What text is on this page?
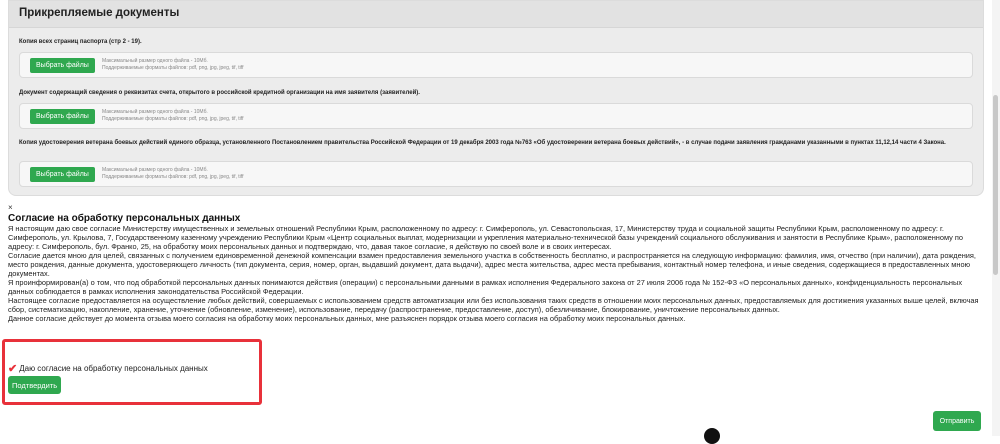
Прикрепляемые документы
Копия всех страниц паспорта (стр 2 - 19).
Выбрать файлы
Максимальный размер одного файла - 10Мб.
Поддерживаемые форматы файлов: pdf, png, jpg, jpeg, tif, tiff
Документ содержащий сведения о реквизитах счета, открытого в российской кредитной организации на имя заявителя (заявителей).
Выбрать файлы
Максимальный размер одного файла - 10Мб.
Поддерживаемые форматы файлов: pdf, png, jpg, jpeg, tif, tiff
Копия удостоверения ветерана боевых действий единого образца, установленного Постановлением правительства Российской Федерации от 19 декабря 2003 года №763 «Об удостоверении ветерана боевых действий», - в случае подачи заявления гражданами указанными в пунктах 11,12,14 части 4 Закона.
Выбрать файлы
Максимальный размер одного файла - 10Мб.
Поддерживаемые форматы файлов: pdf, png, jpg, jpeg, tif, tiff
×
Согласие на обработку персональных данных

Я настоящим даю свое согласие Министерству имущественных и земельных отношений Республики Крым, расположенному по адресу: г. Симферополь, ул. Севастопольская, 17, Министерству труда и социальной защиты Республики Крым, расположенному по адресу: г. Симферополь, ул. Крылова, 7, Государственному казенному учреждению Республики Крым «Центр социальных выплат, модернизации и укрепления материально-технической базы учреждений социального обслуживания и занятости в Республике Крым», расположенному по адресу: г. Симферополь, бул. Франко, 25, на обработку моих персональных данных и подтверждаю, что, давая такое согласие, я действую по своей воле и в своих интересах.

Согласие дается мною для целей, связанных с получением единовременной денежной компенсации взамен предоставления земельного участка в собственность бесплатно, и распространяется на следующую информацию: фамилия, имя, отчество (при наличии), дата рождения, место рождения, данные документа, удостоверяющего личность (тип документа, серия, номер, орган, выдавший документ, дата выдачи), адрес места жительства, адрес места пребывания, контактный номер телефона, и иные сведения, содержащиеся в предоставленных мною документах.

Я проинформирован(а) о том, что под обработкой персональных данных понимаются действия (операции) с персональными данными в рамках исполнения Федерального закона от 27 июля 2006 года № 152-ФЗ «О персональных данных», конфиденциальность персональных данных соблюдается в рамках исполнения законодательства Российской Федерации.

Настоящее согласие предоставляется на осуществление любых действий, совершаемых с использованием средств автоматизации или без использования таких средств в отношении моих персональных данных, предоставляемых для достижения указанных выше целей, включая сбор, систематизацию, накопление, хранение, уточнение (обновление, изменение), использование, передачу (распространение, предоставление, доступ), обезличивание, блокирование, уничтожение персональных данных.

Данное согласие действует до момента отзыва моего согласия на обработку моих персональных данных, мне разъяснен порядок отзыва моего согласия на обработку моих персональных данных.

✔ Даю согласие на обработку персональных данных
Подтвердить
Отправить
